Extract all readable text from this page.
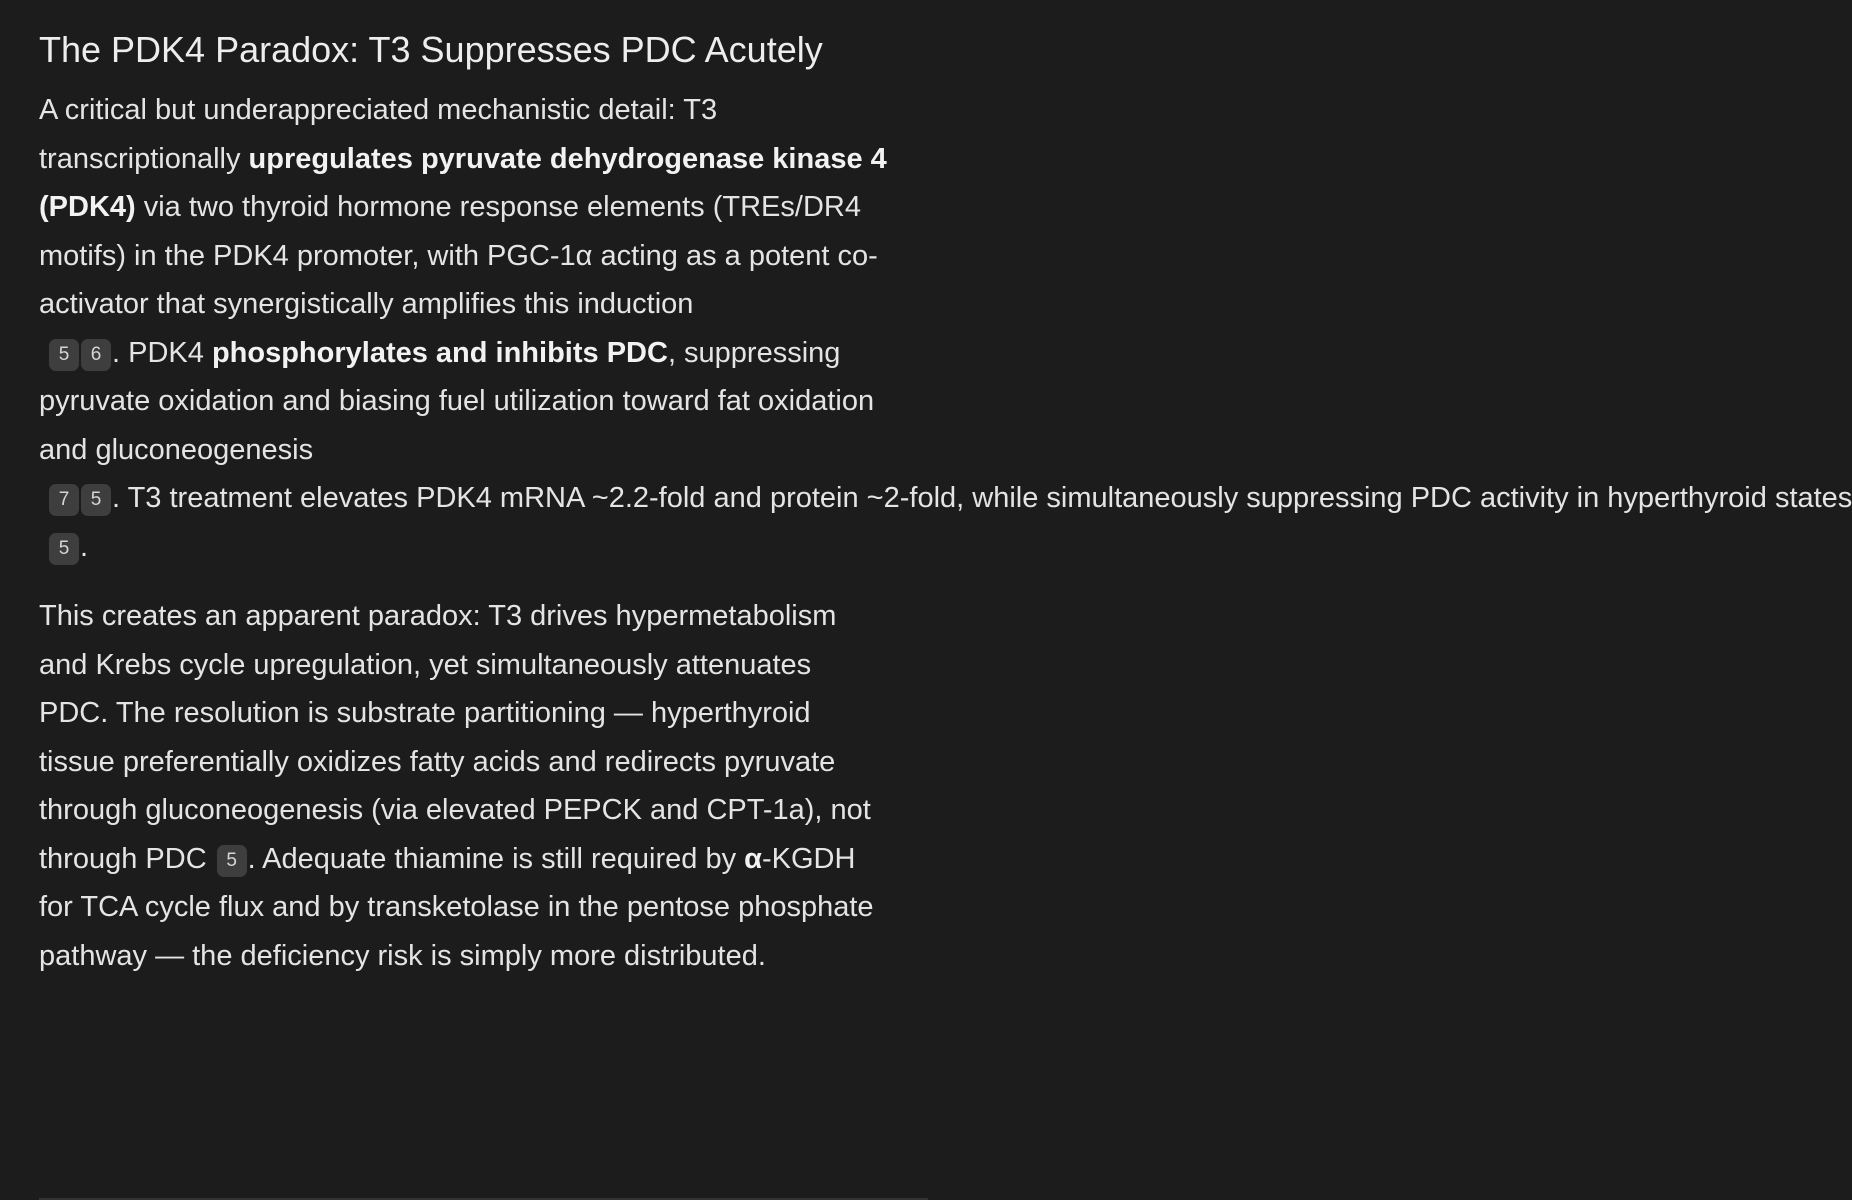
The PDK4 Paradox: T3 Suppresses PDC Acutely

A critical but underappreciated mechanistic detail: T3 transcriptionally upregulates pyruvate dehydrogenase kinase 4 (PDK4) via two thyroid hormone response elements (TREs/DR4 motifs) in the PDK4 promoter, with PGC-1α acting as a potent co-activator that synergistically amplifies this induction5 6 . PDK4 phosphorylates and inhibits PDC, suppressing pyruvate oxidation and biasing fuel utilization toward fat oxidation and gluconeogenesis7 5 . T3 treatment elevates PDK4 mRNA ~2.2-fold and protein ~2-fold, while simultaneously suppressing PDC activity in hyperthyroid states5 .

This creates an apparent paradox: T3 drives hypermetabolism and Krebs cycle upregulation, yet simultaneously attenuates PDC. The resolution is substrate partitioning — hyperthyroid tissue preferentially oxidizes fatty acids and redirects pyruvate through gluconeogenesis (via elevated PEPCK and CPT-1a), not through PDC 5 . Adequate thiamine is still required by α-KGDH for TCA cycle flux and by transketolase in the pentose phosphate pathway — the deficiency risk is simply more distributed.
